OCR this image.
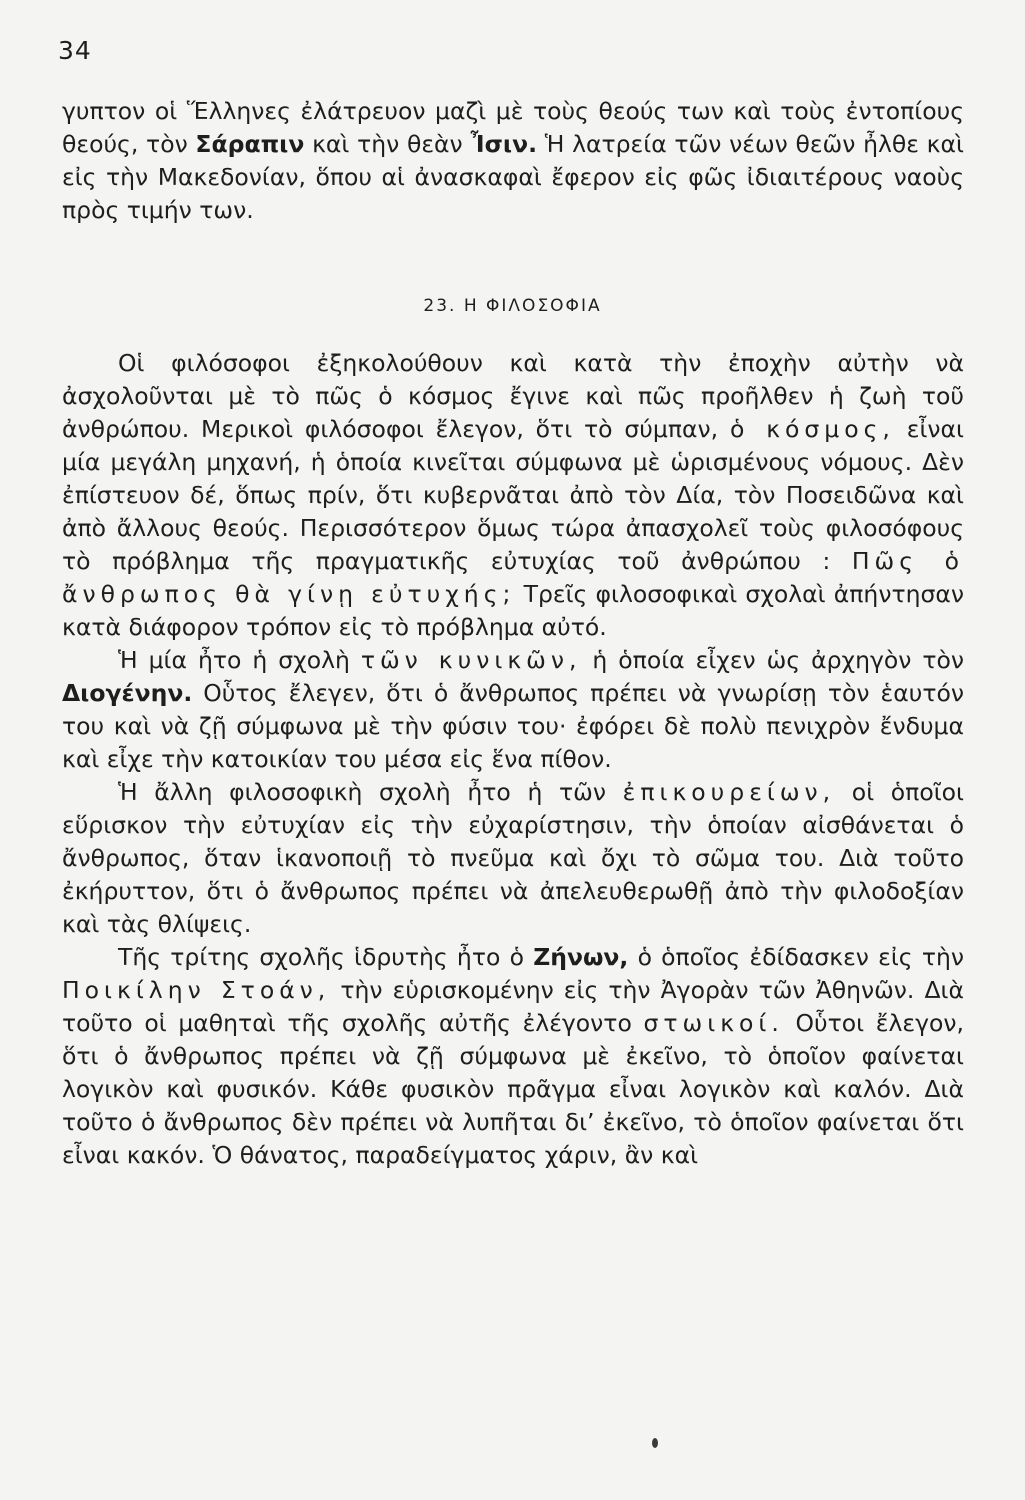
34

γυπτον οἱ Ἕλληνες ἐλάτρευον μαζὶ μὲ τοὺς θεούς των καὶ τοὺς ἐντοπίους θεούς, τὸν Σάραπιν καὶ τὴν θεὰν Ἶσιν. Ἡ λατρεία τῶν νέων θεῶν ἦλθε καὶ εἰς τὴν Μακεδονίαν, ὅπου αἱ ἀνασκαφαὶ ἔφερον εἰς φῶς ἰδιαιτέρους ναοὺς πρὸς τιμήν των.

23. Η ΦΙΛΟΣΟΦΙΑ

Οἱ φιλόσοφοι ἐξηκολούθουν καὶ κατὰ τὴν ἐποχὴν αὐτὴν νὰ ἀσχολοῦνται μὲ τὸ πῶς ὁ κόσμος ἔγινε καὶ πῶς προῆλθεν ἡ ζωὴ τοῦ ἀνθρώπου. Μερικοὶ φιλόσοφοι ἔλεγον, ὅτι τὸ σύμπαν, ὁ κόσμος, εἶναι μία μεγάλη μηχανή, ἡ ὁποία κινεῖται σύμφωνα μὲ ὡρισμένους νόμους. Δὲν ἐπίστευον δέ, ὅπως πρίν, ὅτι κυβερνᾶται ἀπὸ τὸν Δία, τὸν Ποσειδῶνα καὶ ἀπὸ ἄλλους θεούς. Περισσότερον ὅμως τώρα ἀπασχολεῖ τοὺς φιλοσόφους τὸ πρόβλημα τῆς πραγματικῆς εὐτυχίας τοῦ ἀνθρώπου : Πῶς ὁ ἄνθρωπος θὰ γίνῃ εὐτυχής; Τρεῖς φιλοσοφικαὶ σχολαὶ ἀπήντησαν κατὰ διάφορον τρόπον εἰς τὸ πρόβλημα αὐτό.

Ἡ μία ἦτο ἡ σχολὴ τῶν κυνικῶν, ἡ ὁποία εἶχεν ὡς ἀρχηγὸν τὸν Διογένην. Οὗτος ἔλεγεν, ὅτι ὁ ἄνθρωπος πρέπει νὰ γνωρίσῃ τὸν ἑαυτόν του καὶ νὰ ζῇ σύμφωνα μὲ τὴν φύσιν του· ἐφόρει δὲ πολὺ πενιχρὸν ἔνδυμα καὶ εἶχε τὴν κατοικίαν του μέσα εἰς ἕνα πίθον.

Ἡ ἄλλη φιλοσοφικὴ σχολὴ ἦτο ἡ τῶν ἐπικουρείων, οἱ ὁποῖοι εὕρισκον τὴν εὐτυχίαν εἰς τὴν εὐχαρίστησιν, τὴν ὁποίαν αἰσθάνεται ὁ ἄνθρωπος, ὅταν ἱκανοποιῇ τὸ πνεῦμα καὶ ὄχι τὸ σῶμα του. Διὰ τοῦτο ἐκήρυττον, ὅτι ὁ ἄνθρωπος πρέπει νὰ ἀπελευθερωθῇ ἀπὸ τὴν φιλοδοξίαν καὶ τὰς θλίψεις.

Τῆς τρίτης σχολῆς ἱδρυτὴς ἦτο ὁ Ζήνων, ὁ ὁποῖος ἐδίδασκεν εἰς τὴν Ποικίλην Στοάν, τὴν εὑρισκομένην εἰς τὴν Ἀγορὰν τῶν Ἀθηνῶν. Διὰ τοῦτο οἱ μαθηταὶ τῆς σχολῆς αὐτῆς ἐλέγοντο στωικοί. Οὗτοι ἔλεγον, ὅτι ὁ ἄνθρωπος πρέπει νὰ ζῇ σύμφωνα μὲ ἐκεῖνο, τὸ ὁποῖον φαίνεται λογικὸν καὶ φυσικόν. Κάθε φυσικὸν πρᾶγμα εἶναι λογικὸν καὶ καλόν. Διὰ τοῦτο ὁ ἄνθρωπος δὲν πρέπει νὰ λυπῆται δι’ ἐκεῖνο, τὸ ὁποῖον φαίνεται ὅτι εἶναι κακόν. Ὁ θάνατος, παραδείγματος χάριν, ἂν καὶ
